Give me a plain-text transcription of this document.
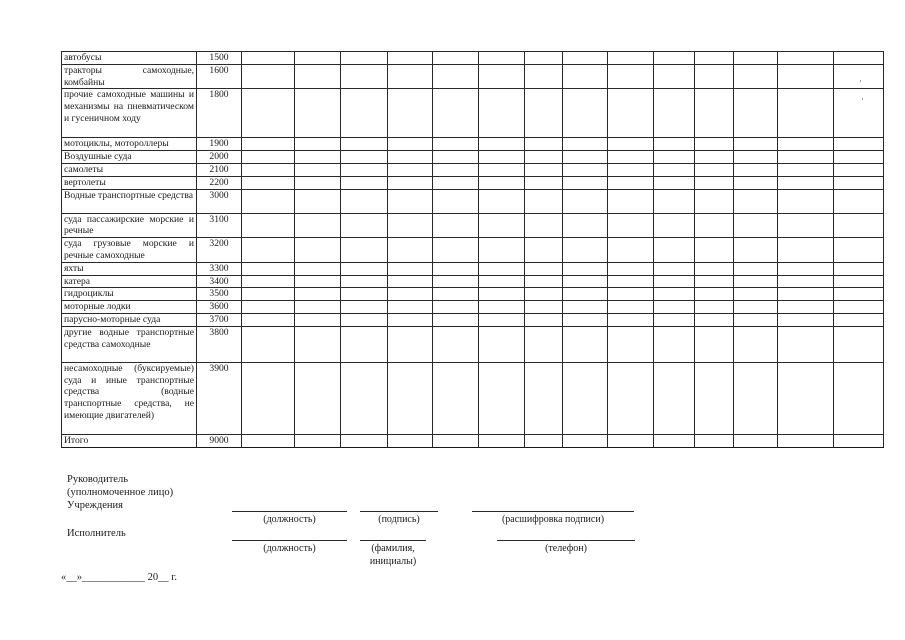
автобусы	1500														
тракторы самоходные, комбайны	1600														
прочие самоходные машины и механизмы на пневматическом и гусеничном ходу	1800														
мотоциклы, мотороллеры	1900														
Воздушные суда	2000														
самолеты	2100														
вертолеты	2200														
Водные транспортные средства	3000														
суда пассажирские морские и речные	3100														
суда грузовые морские и речные самоходные	3200														
яхты	3300														
катера	3400														
гидроциклы	3500														
моторные лодки	3600														
парусно-моторные суда	3700														
другие водные транспортные средства самоходные	3800														
несамоходные (буксируемые) суда и иные транспортные средства (водные транспортные средства, не имеющие двигателей)	3900														
Итого	9000														
Руководитель
(уполномоченное лицо)
Учреждения
(должность)	(подпись)	(расшифровка подписи)
Исполнитель
(должность)	(фамилия,
инициалы)
(телефон)
«__»____________ 20__ г.
